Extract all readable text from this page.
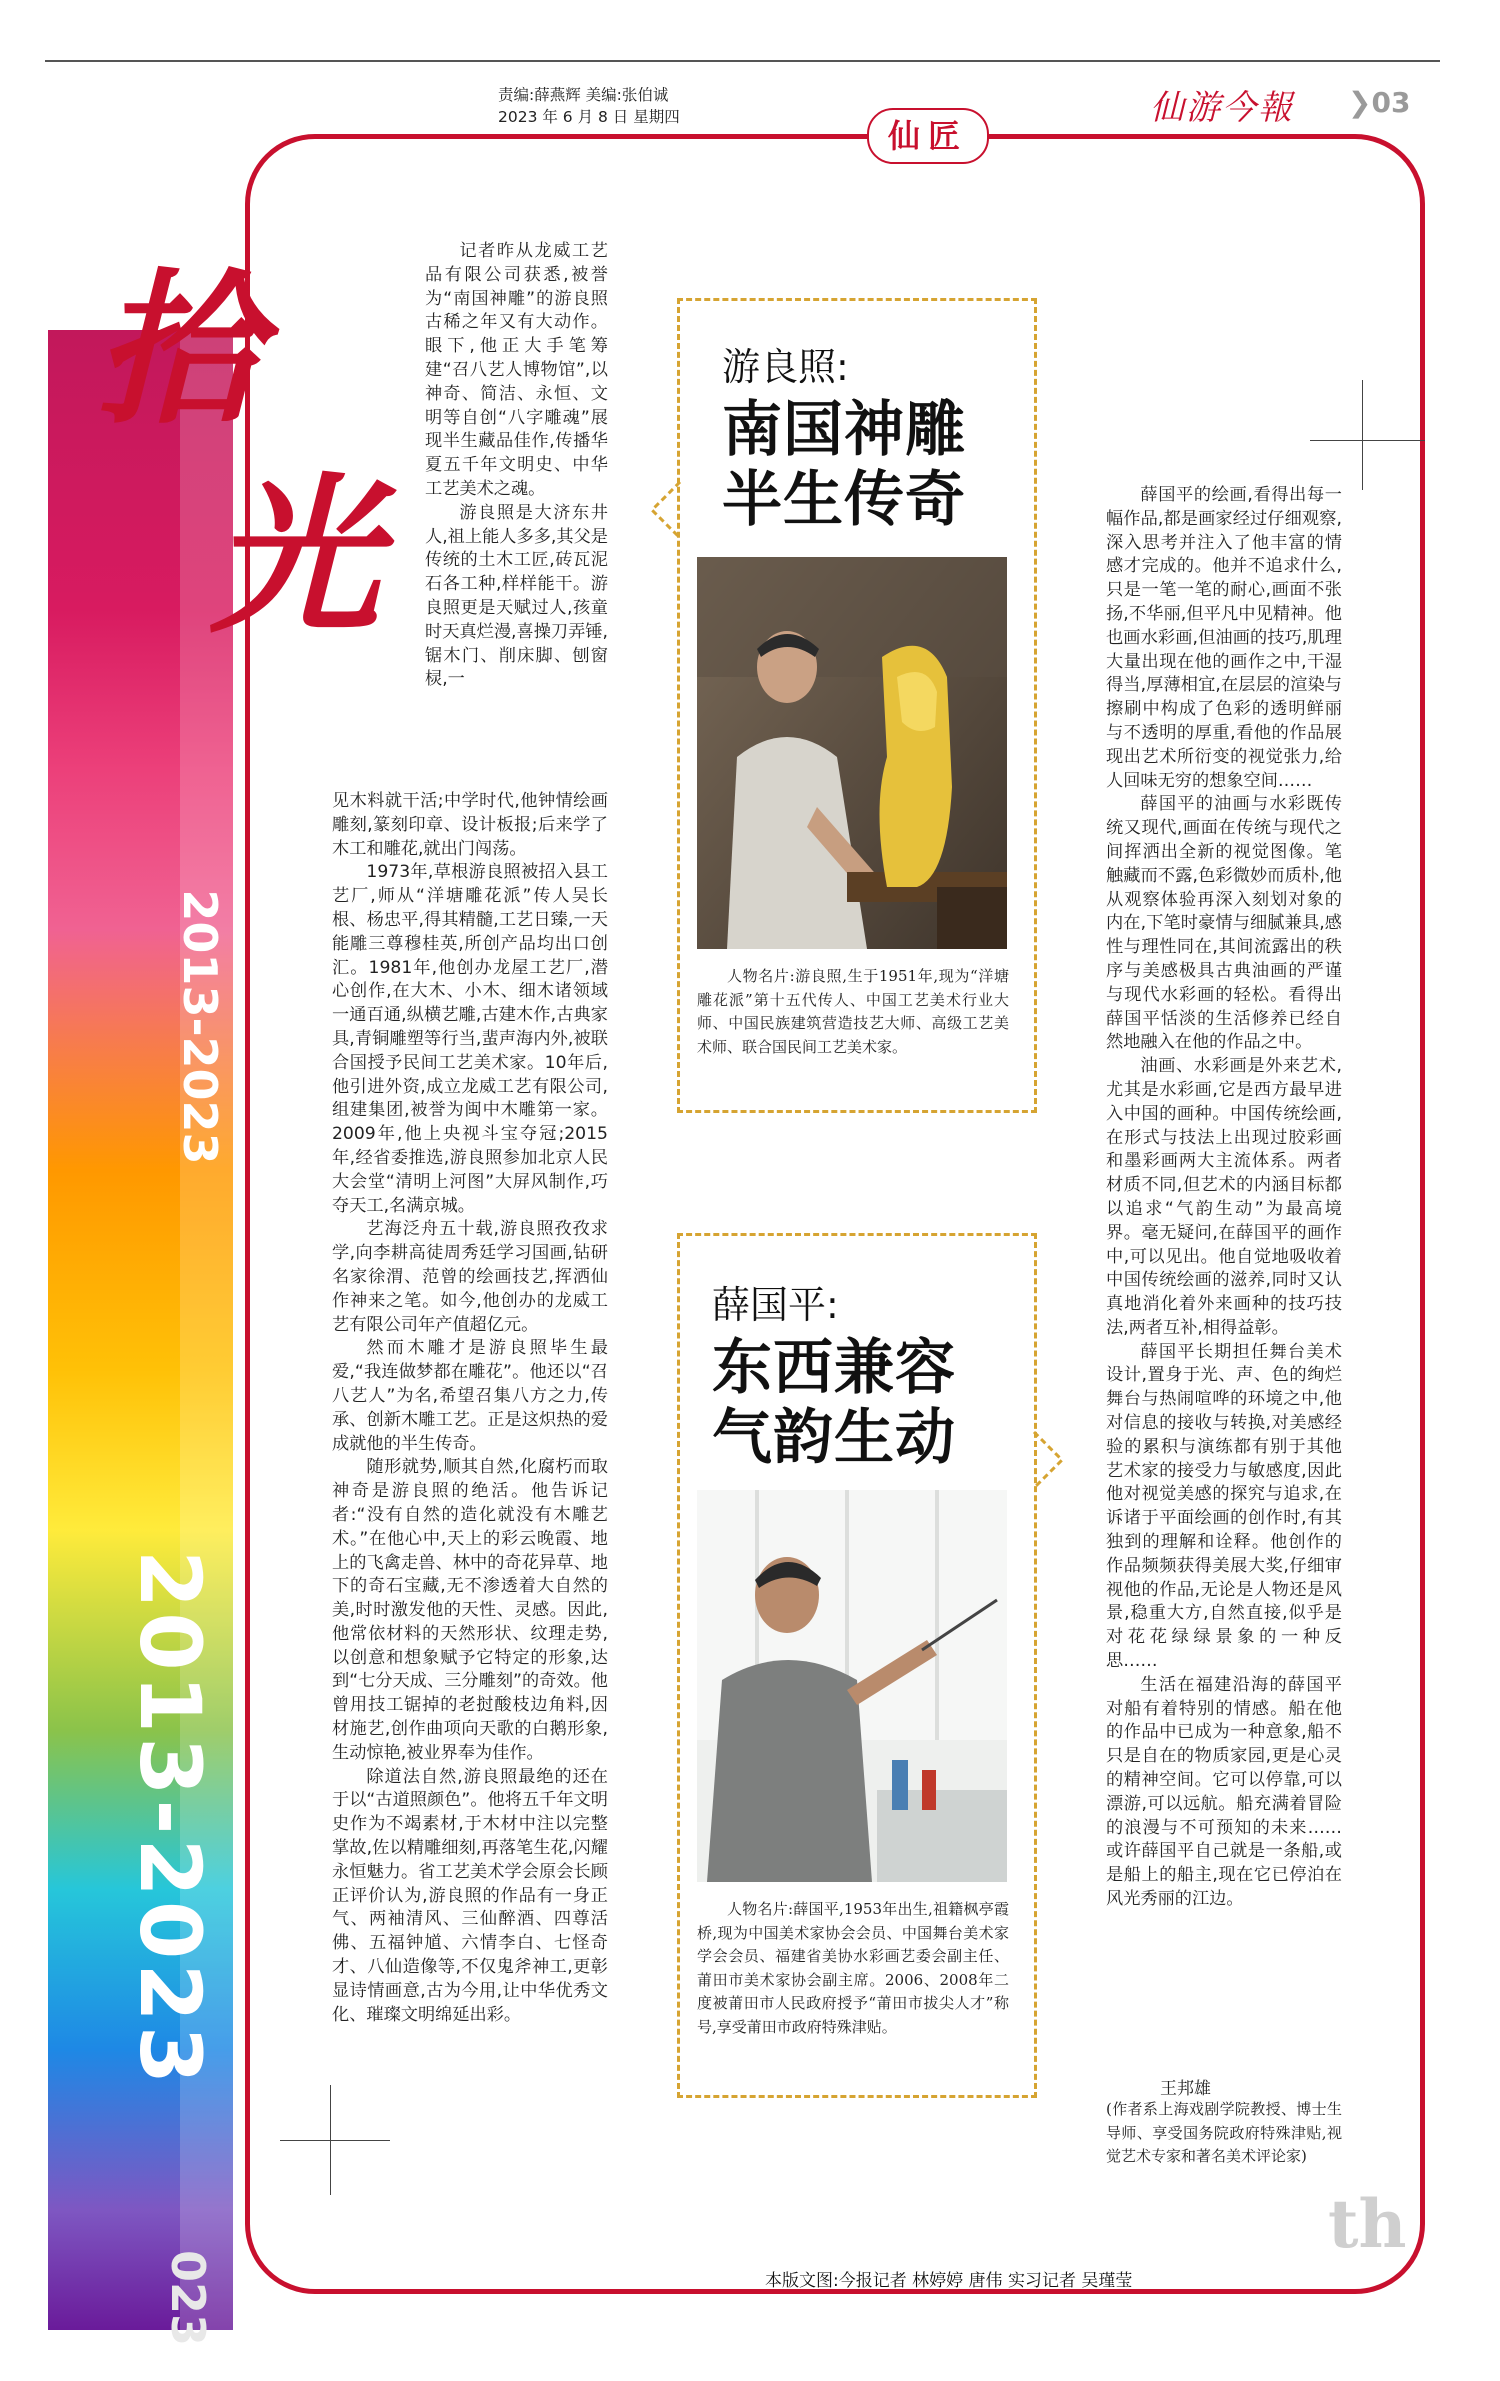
责编:薛燕辉 美编:张伯诚
2023 年 6 月 8 日 星期四	仙游今報 ❯03
2013-2023
2013-2023
023
仙匠
拾
光

记者昨从龙威工艺品有限公司获悉,被誉为“南国神雕”的游良照古稀之年又有大动作。眼下,他正大手笔筹建“召八艺人博物馆”,以神奇、简洁、永恒、文明等自创“八字雕魂”展现半生藏品佳作,传播华夏五千年文明史、中华工艺美术之魂。

游良照是大济东井人,祖上能人多多,其父是传统的土木工匠,砖瓦泥石各工种,样样能干。游良照更是天赋过人,孩童时天真烂漫,喜操刀弄锤,锯木门、削床脚、刨窗棂,一

见木料就干活;中学时代,他钟情绘画雕刻,篆刻印章、设计板报;后来学了木工和雕花,就出门闯荡。

1973年,草根游良照被招入县工艺厂,师从“洋塘雕花派”传人吴长根、杨忠平,得其精髓,工艺日臻,一天能雕三尊穆桂英,所创产品均出口创汇。1981年,他创办龙屋工艺厂,潜心创作,在大木、小木、细木诸领域一通百通,纵横艺雕,古建木作,古典家具,青铜雕塑等行当,蜚声海内外,被联合国授予民间工艺美术家。10年后,他引进外资,成立龙威工艺有限公司,组建集团,被誉为闽中木雕第一家。2009年,他上央视斗宝夺冠;2015年,经省委推选,游良照参加北京人民大会堂“清明上河图”大屏风制作,巧夺天工,名满京城。

艺海泛舟五十载,游良照孜孜求学,向李耕高徒周秀廷学习国画,钻研名家徐渭、范曾的绘画技艺,挥洒仙作神来之笔。如今,他创办的龙威工艺有限公司年产值超亿元。

然而木雕才是游良照毕生最爱,“我连做梦都在雕花”。他还以“召八艺人”为名,希望召集八方之力,传承、创新木雕工艺。正是这炽热的爱成就他的半生传奇。

随形就势,顺其自然,化腐朽而取神奇是游良照的绝活。他告诉记者:“没有自然的造化就没有木雕艺术。”在他心中,天上的彩云晚霞、地上的飞禽走兽、林中的奇花异草、地下的奇石宝藏,无不渗透着大自然的美,时时激发他的天性、灵感。因此,他常依材料的天然形状、纹理走势,以创意和想象赋予它特定的形象,达到“七分天成、三分雕刻”的奇效。他曾用技工锯掉的老挝酸枝边角料,因材施艺,创作曲项向天歌的白鹅形象,生动惊艳,被业界奉为佳作。

除道法自然,游良照最绝的还在于以“古道照颜色”。他将五千年文明史作为不竭素材,于木材中注以完整掌故,佐以精雕细刻,再落笔生花,闪耀永恒魅力。省工艺美术学会原会长顾正评价认为,游良照的作品有一身正气、两袖清风、三仙醉酒、四尊活佛、五福钟馗、六情李白、七怪奇才、八仙造像等,不仅鬼斧神工,更彰显诗情画意,古为今用,让中华优秀文化、璀璨文明绵延出彩。

游良照:
南国神雕
半生传奇

人物名片:游良照,生于1951年,现为“洋塘雕花派”第十五代传人、中国工艺美术行业大师、中国民族建筑营造技艺大师、高级工艺美术师、联合国民间工艺美术家。

薛国平:
东西兼容
气韵生动

人物名片:薛国平,1953年出生,祖籍枫亭霞桥,现为中国美术家协会会员、中国舞台美术家学会会员、福建省美协水彩画艺委会副主任、莆田市美术家协会副主席。2006、2008年二度被莆田市人民政府授予“莆田市拔尖人才”称号,享受莆田市政府特殊津贴。

薛国平的绘画,看得出每一幅作品,都是画家经过仔细观察,深入思考并注入了他丰富的情感才完成的。他并不追求什么,只是一笔一笔的耐心,画面不张扬,不华丽,但平凡中见精神。他也画水彩画,但油画的技巧,肌理大量出现在他的画作之中,干湿得当,厚薄相宜,在层层的渲染与擦刷中构成了色彩的透明鲜丽与不透明的厚重,看他的作品展现出艺术所衍变的视觉张力,给人回味无穷的想象空间……

薛国平的油画与水彩既传统又现代,画面在传统与现代之间挥洒出全新的视觉图像。笔触藏而不露,色彩微妙而质朴,他从观察体验再深入刻划对象的内在,下笔时豪情与细腻兼具,感性与理性同在,其间流露出的秩序与美感极具古典油画的严谨与现代水彩画的轻松。看得出薛国平恬淡的生活修养已经自然地融入在他的作品之中。

油画、水彩画是外来艺术,尤其是水彩画,它是西方最早进入中国的画种。中国传统绘画,在形式与技法上出现过胶彩画和墨彩画两大主流体系。两者材质不同,但艺术的内涵目标都以追求“气韵生动”为最高境界。毫无疑问,在薛国平的画作中,可以见出。他自觉地吸收着中国传统绘画的滋养,同时又认真地消化着外来画种的技巧技法,两者互补,相得益彰。

薛国平长期担任舞台美术设计,置身于光、声、色的绚烂舞台与热闹喧哗的环境之中,他对信息的接收与转换,对美感经验的累积与演练都有别于其他艺术家的接受力与敏感度,因此他对视觉美感的探究与追求,在诉诸于平面绘画的创作时,有其独到的理解和诠释。他创作的作品频频获得美展大奖,仔细审视他的作品,无论是人物还是风景,稳重大方,自然直接,似乎是对花花绿绿景象的一种反思……

生活在福建沿海的薛国平对船有着特别的情感。船在他的作品中已成为一种意象,船不只是自在的物质家园,更是心灵的精神空间。它可以停靠,可以漂游,可以远航。船充满着冒险的浪漫与不可预知的未来……或许薛国平自己就是一条船,或是船上的船主,现在它已停泊在风光秀丽的江边。

王邦雄
(作者系上海戏剧学院教授、博士生导师、享受国务院政府特殊津贴,视觉艺术专家和著名美术评论家)
th
本版文图:今报记者 林婷婷 唐伟 实习记者 吴瑾莹
